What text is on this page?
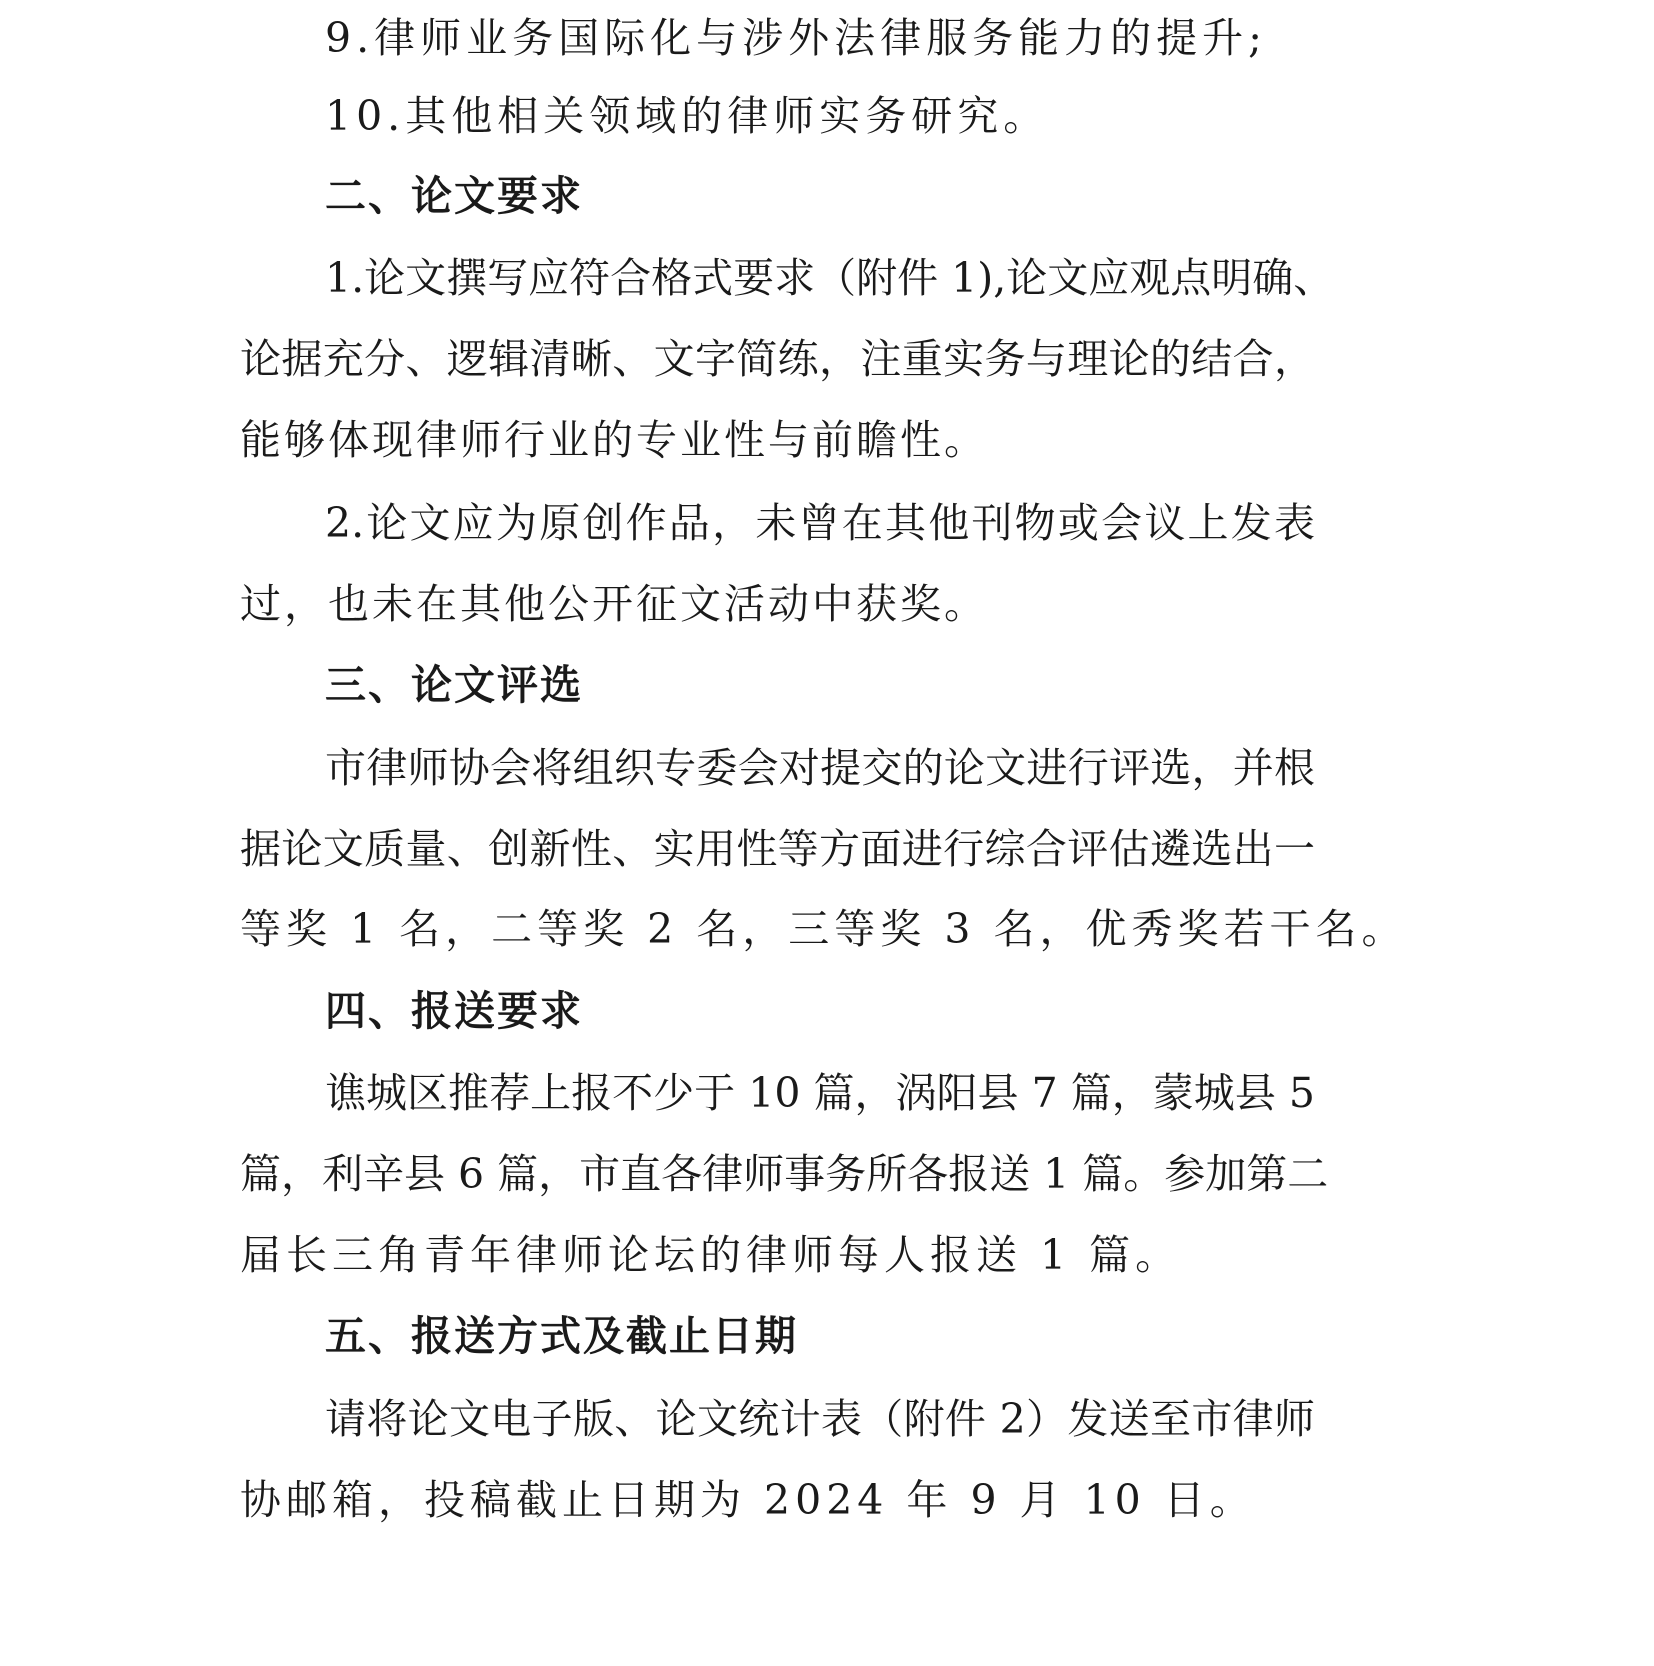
9.律师业务国际化与涉外法律服务能力的提升;
10.其他相关领域的律师实务研究。
二、论文要求
1.论文撰写应符合格式要求（附件 1),论文应观点明确、
论据充分、逻辑清晰、文字简练，注重实务与理论的结合，
能够体现律师行业的专业性与前瞻性。
2.论文应为原创作品，未曾在其他刊物或会议上发表
过，也未在其他公开征文活动中获奖。
三、论文评选
市律师协会将组织专委会对提交的论文进行评选，并根
据论文质量、创新性、实用性等方面进行综合评估遴选出一
等奖 1 名，二等奖 2 名，三等奖 3 名，优秀奖若干名。
四、报送要求
谯城区推荐上报不少于 10 篇，涡阳县 7 篇，蒙城县 5
篇，利辛县 6 篇，市直各律师事务所各报送 1 篇。参加第二
届长三角青年律师论坛的律师每人报送 1 篇。
五、报送方式及截止日期
请将论文电子版、论文统计表（附件 2）发送至市律师
协邮箱，投稿截止日期为 2024 年 9 月 10 日。
